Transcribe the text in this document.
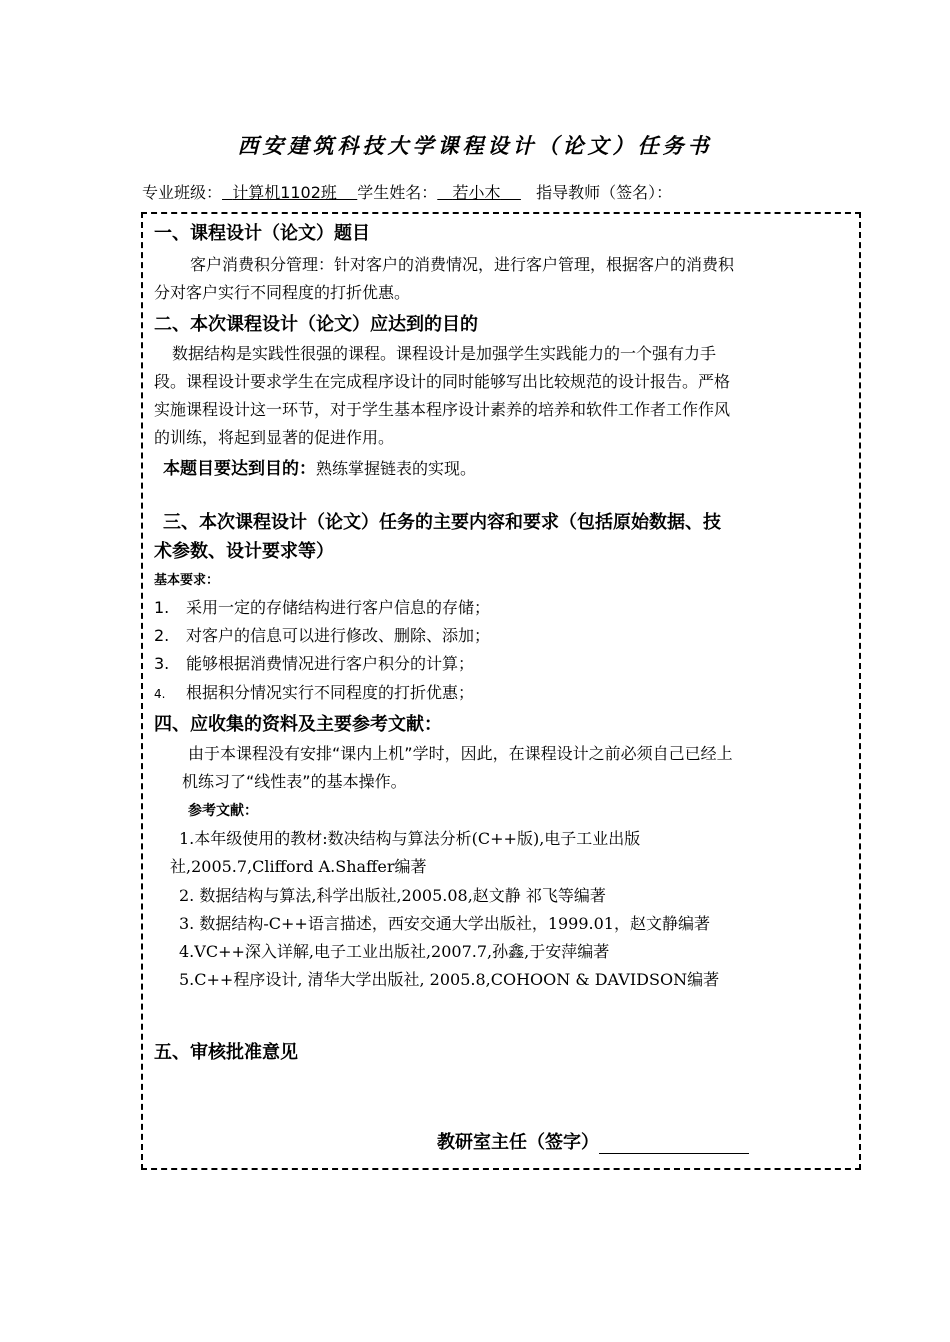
西安建筑科技大学课程设计（论文）任务书
专业班级： 计算机1102班 学生姓名： 若小木 指导教师（签名）：
一、课程设计（论文）题目
客户消费积分管理：针对客户的消费情况，进行客户管理，根据客户的消费积
分对客户实行不同程度的打折优惠。
二、本次课程设计（论文）应达到的目的
数据结构是实践性很强的课程。课程设计是加强学生实践能力的一个强有力手
段。课程设计要求学生在完成程序设计的同时能够写出比较规范的设计报告。严格
实施课程设计这一环节，对于学生基本程序设计素养的培养和软件工作者工作作风
的训练，将起到显著的促进作用。
本题目要达到目的：熟练掌握链表的实现。
三、本次课程设计（论文）任务的主要内容和要求（包括原始数据、技
术参数、设计要求等）
基本要求：
1. 采用一定的存储结构进行客户信息的存储；
2. 对客户的信息可以进行修改、删除、添加；
3. 能够根据消费情况进行客户积分的计算；
4. 根据积分情况实行不同程度的打折优惠；
四、应收集的资料及主要参考文献：
由于本课程没有安排“课内上机”学时，因此，在课程设计之前必须自己已经上
机练习了“线性表”的基本操作。
参考文献：
1.本年级使用的教材:数决结构与算法分析(C++版),电子工业出版
社,2005.7,Clifford A.Shaffer编著
2. 数据结构与算法,科学出版社,2005.08,赵文静 祁飞等编著
3. 数据结构-C++语言描述，西安交通大学出版社，1999.01，赵文静编著
4.VC++深入详解,电子工业出版社,2007.7,孙鑫,于安萍编著
5.C++程序设计, 清华大学出版社, 2005.8,COHOON & DAVIDSON编著
五、审核批准意见
教研室主任（签字）
